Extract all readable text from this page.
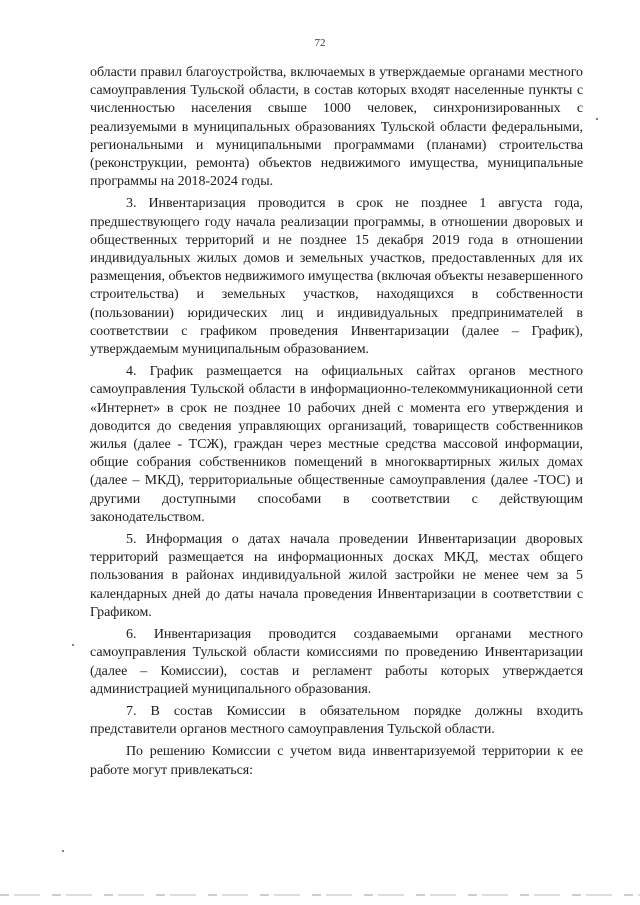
72

области правил благоустройства, включаемых в утверждаемые органами местного самоуправления Тульской области, в состав которых входят населенные пункты с численностью населения свыше 1000 человек, синхронизированных с реализуемыми в муниципальных образованиях Тульской области федеральными, региональными и муниципальными программами (планами) строительства (реконструкции, ремонта) объектов недвижимого имущества, муниципальные программы на 2018-2024 годы.

3. Инвентаризация проводится в срок не позднее 1 августа года, предшествующего году начала реализации программы, в отношении дворовых и общественных территорий и не позднее 15 декабря 2019 года в отношении индивидуальных жилых домов и земельных участков, предоставленных для их размещения, объектов недвижимого имущества (включая объекты незавершенного строительства) и земельных участков, находящихся в собственности (пользовании) юридических лиц и индивидуальных предпринимателей в соответствии с графиком проведения Инвентаризации (далее – График), утверждаемым муниципальным образованием.

4. График размещается на официальных сайтах органов местного самоуправления Тульской области в информационно-телекоммуникационной сети «Интернет» в срок не позднее 10 рабочих дней с момента его утверждения и доводится до сведения управляющих организаций, товариществ собственников жилья (далее - ТСЖ), граждан через местные средства массовой информации, общие собрания собственников помещений в многоквартирных жилых домах (далее – МКД), территориальные общественные самоуправления (далее -ТОС) и другими доступными способами в соответствии с действующим законодательством.

5. Информация о датах начала проведении Инвентаризации дворовых территорий размещается на информационных досках МКД, местах общего пользования в районах индивидуальной жилой застройки не менее чем за 5 календарных дней до даты начала проведения Инвентаризации в соответствии с Графиком.

6. Инвентаризация проводится создаваемыми органами местного самоуправления Тульской области комиссиями по проведению Инвентаризации (далее – Комиссии), состав и регламент работы которых утверждается администрацией муниципального образования.

7. В состав Комиссии в обязательном порядке должны входить представители органов местного самоуправления Тульской области.

По решению Комиссии с учетом вида инвентаризуемой территории к ее работе могут привлекаться:
